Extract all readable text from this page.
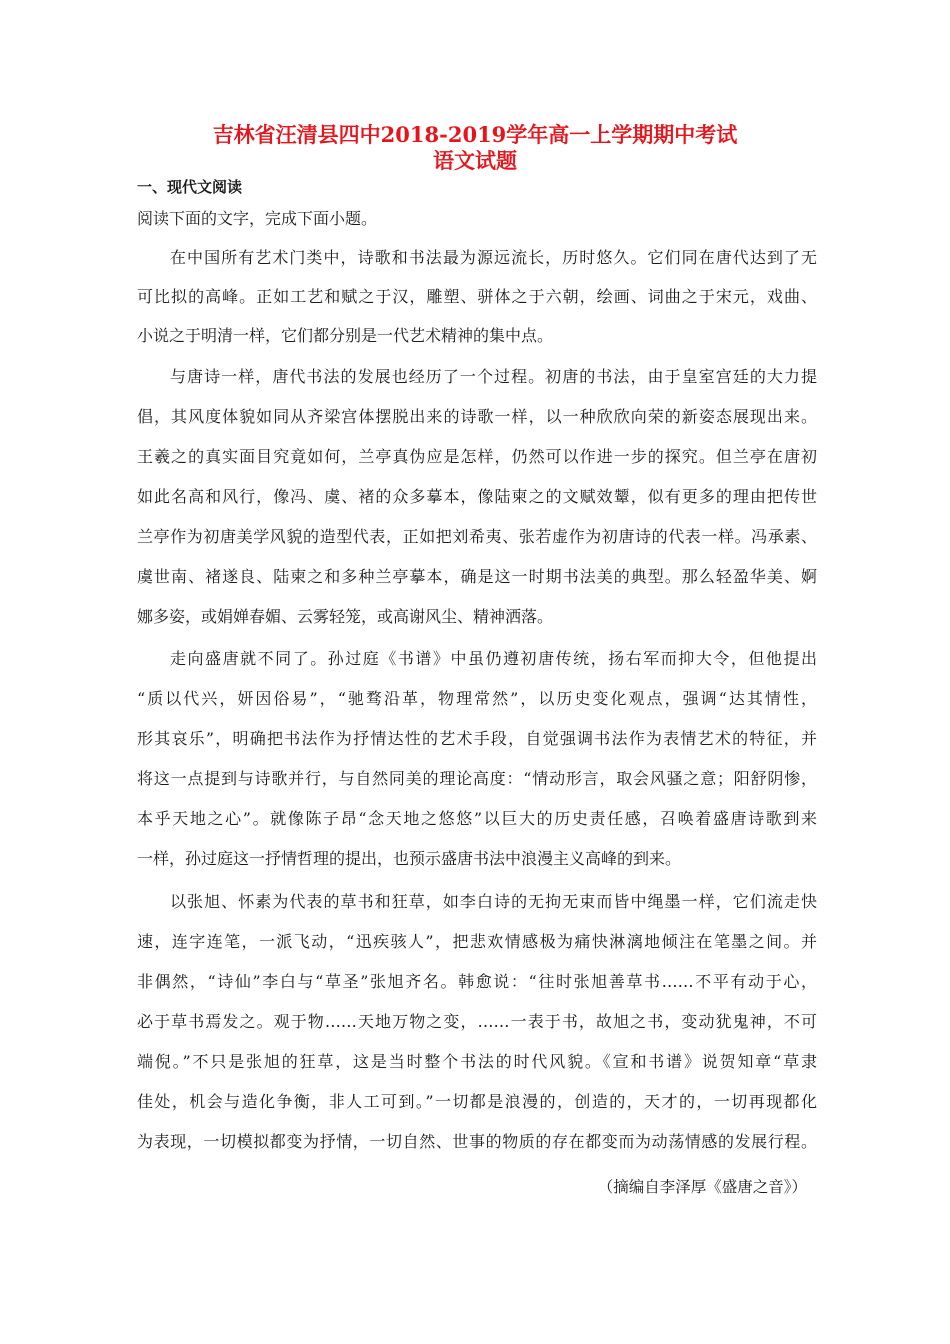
吉林省汪清县四中2018-2019学年高一上学期期中考试
语文试题
一、现代文阅读
阅读下面的文字，完成下面小题。
在中国所有艺术门类中，诗歌和书法最为源远流长，历时悠久。它们同在唐代达到了无
可比拟的高峰。正如工艺和赋之于汉，雕塑、骈体之于六朝，绘画、词曲之于宋元，戏曲、
小说之于明清一样，它们都分别是一代艺术精神的集中点。
与唐诗一样，唐代书法的发展也经历了一个过程。初唐的书法，由于皇室宫廷的大力提
倡，其风度体貌如同从齐梁宫体摆脱出来的诗歌一样，以一种欣欣向荣的新姿态展现出来。
王羲之的真实面目究竟如何，兰亭真伪应是怎样，仍然可以作进一步的探究。但兰亭在唐初
如此名高和风行，像冯、虞、褚的众多摹本，像陆柬之的文赋效颦，似有更多的理由把传世
兰亭作为初唐美学风貌的造型代表，正如把刘希夷、张若虚作为初唐诗的代表一样。冯承素、
虞世南、褚遂良、陆柬之和多种兰亭摹本，确是这一时期书法美的典型。那么轻盈华美、婀
娜多姿，或娟婵春媚、云雾轻笼，或高谢风尘、精神洒落。
走向盛唐就不同了。孙过庭《书谱》中虽仍遵初唐传统，扬右军而抑大令，但他提出
“质以代兴，妍因俗易”，“驰骛沿革，物理常然”，以历史变化观点，强调“达其情性，
形其哀乐”，明确把书法作为抒情达性的艺术手段，自觉强调书法作为表情艺术的特征，并
将这一点提到与诗歌并行，与自然同美的理论高度：“情动形言，取会风骚之意；阳舒阴惨，
本乎天地之心”。就像陈子昂“念天地之悠悠”以巨大的历史责任感，召唤着盛唐诗歌到来
一样，孙过庭这一抒情哲理的提出，也预示盛唐书法中浪漫主义高峰的到来。
以张旭、怀素为代表的草书和狂草，如李白诗的无拘无束而皆中绳墨一样，它们流走快
速，连字连笔，一派飞动，“迅疾骇人”，把悲欢情感极为痛快淋漓地倾注在笔墨之间。并
非偶然，“诗仙”李白与“草圣”张旭齐名。韩愈说：“往时张旭善草书……不平有动于心，
必于草书焉发之。观于物……天地万物之变，……一表于书，故旭之书，变动犹鬼神，不可
端倪。”不只是张旭的狂草，这是当时整个书法的时代风貌。《宣和书谱》说贺知章“草隶
佳处，机会与造化争衡，非人工可到。”一切都是浪漫的，创造的，天才的，一切再现都化
为表现，一切模拟都变为抒情，一切自然、世事的物质的存在都变而为动荡情感的发展行程。
（摘编自李泽厚《盛唐之音》）
